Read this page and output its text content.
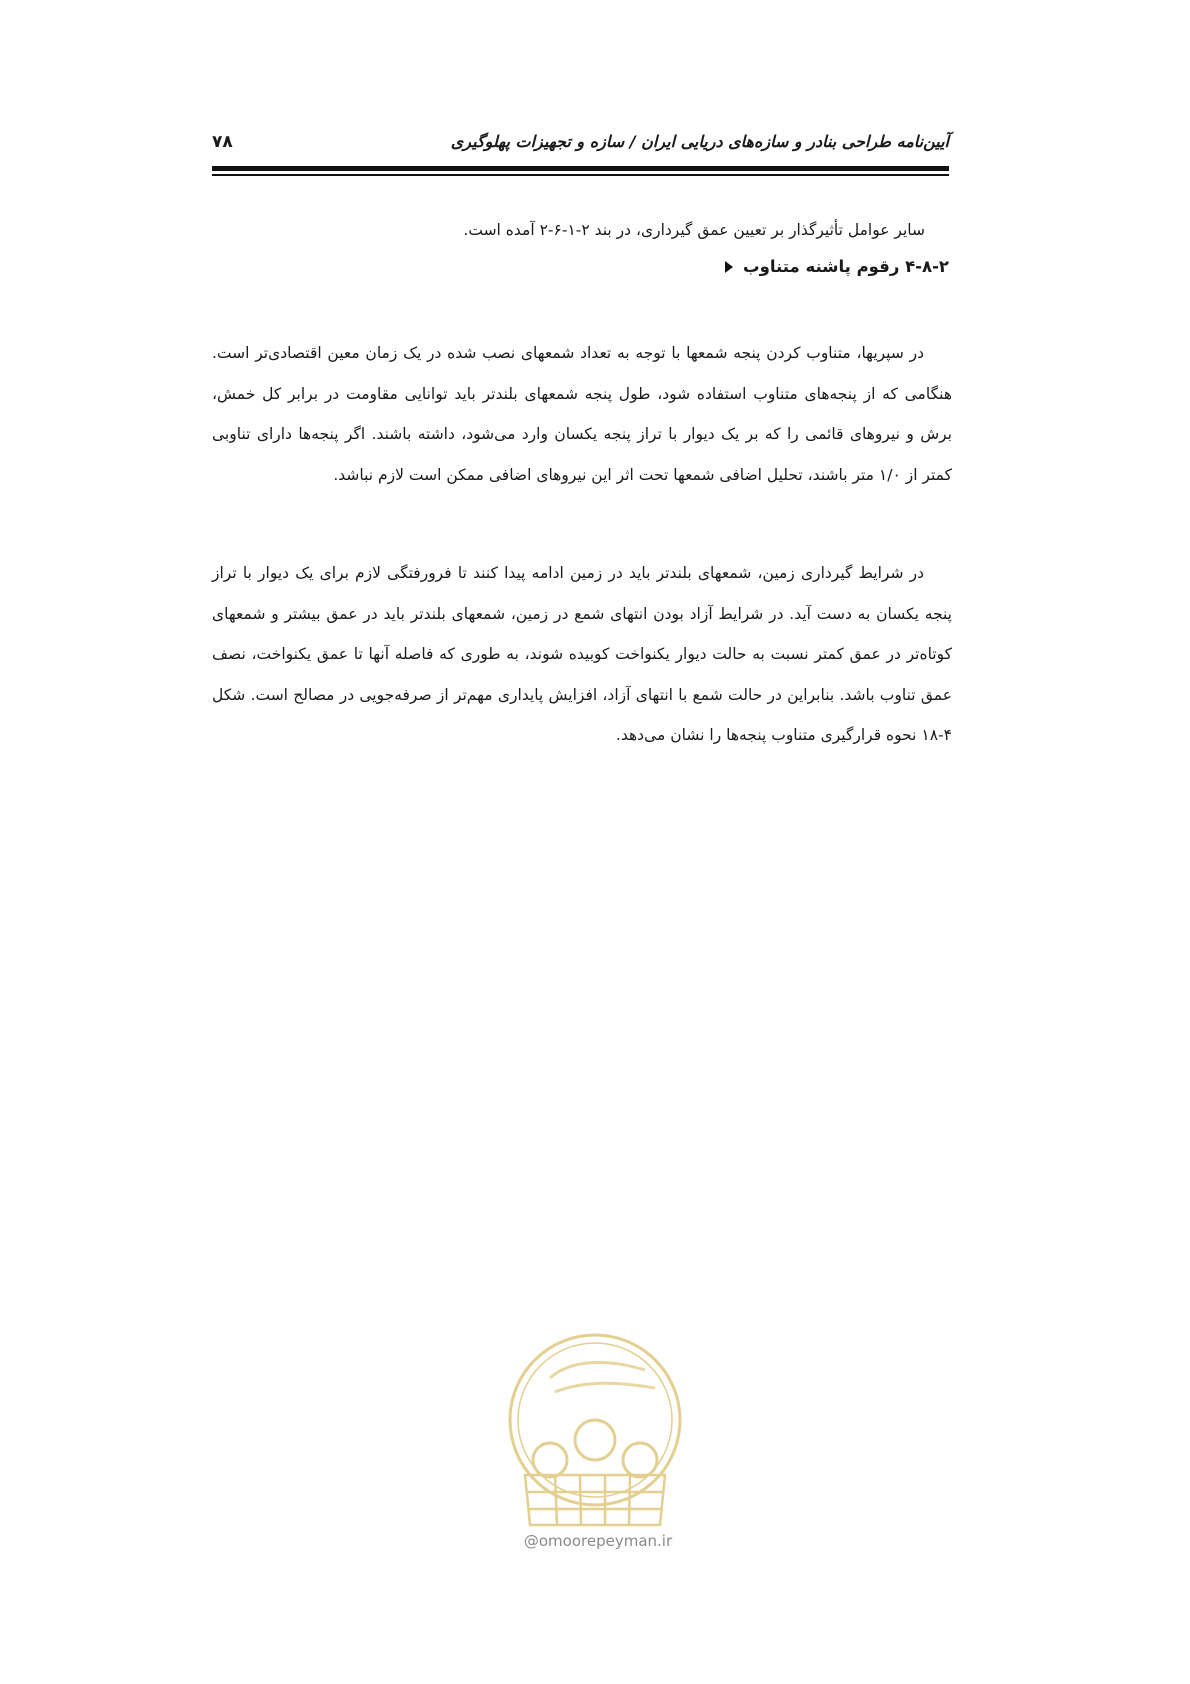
آیین‌نامه طراحی بنادر و سازه‌های دریایی ایران / سازه و تجهیزات پهلوگیری
۷۸
سایر عوامل تأثیرگذار بر تعیین عمق گیرداری، در بند ۲-۱-۶-۲ آمده است.
۴-۸-۲ رقوم پاشنه متناوب

در سپریها، متناوب کردن پنجه شمعها با توجه به تعداد شمعهای نصب شده در یک زمان معین اقتصادی‌تر است. هنگامی که از پنجه‌های متناوب استفاده شود، طول پنجه شمعهای بلندتر باید توانایی مقاومت در برابر کل خمش، برش و نیروهای قائمی را که بر یک دیوار با تراز پنجه یکسان وارد می‌شود، داشته باشند. اگر پنجه‌ها دارای تناوبی کمتر از ۱/۰ متر باشند، تحلیل اضافی شمعها تحت اثر این نیروهای اضافی ممکن است لازم نباشد.

در شرایط گیرداری زمین، شمعهای بلندتر باید در زمین ادامه پیدا کنند تا فرورفتگی لازم برای یک دیوار با تراز پنجه یکسان به دست آید. در شرایط آزاد بودن انتهای شمع در زمین، شمعهای بلندتر باید در عمق بیشتر و شمعهای کوتاه‌تر در عمق کمتر نسبت به حالت دیوار یکنواخت کوبیده شوند، به طوری که فاصله آنها تا عمق یکنواخت، نصف عمق تناوب باشد. بنابراین در حالت شمع با انتهای آزاد، افزایش پایداری مهم‌تر از صرفه‌جویی در مصالح است. شکل ۴-۱۸ نحوه قرارگیری متناوب پنجه‌ها را نشان می‌دهد.

@omoorepeyman.ir
